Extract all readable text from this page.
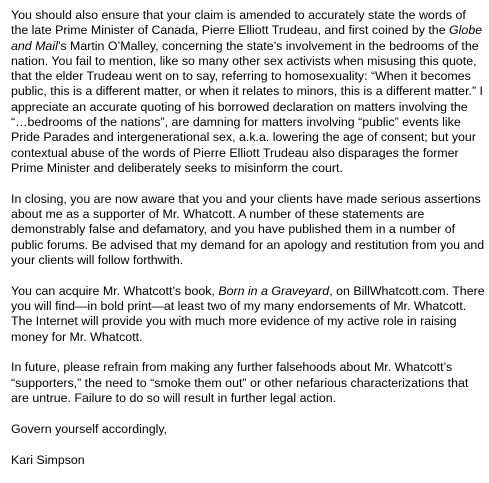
You should also ensure that your claim is amended to accurately state the words of the late Prime Minister of Canada, Pierre Elliott Trudeau, and first coined by the Globe and Mail’s Martin O’Malley, concerning the state’s involvement in the bedrooms of the nation. You fail to mention, like so many other sex activists when misusing this quote, that the elder Trudeau went on to say, referring to homosexuality: “When it becomes public, this is a different matter, or when it relates to minors, this is a different matter.” I appreciate an accurate quoting of his borrowed declaration on matters involving the “…bedrooms of the nations”, are damning for matters involving “public” events like Pride Parades and intergenerational sex, a.k.a. lowering the age of consent; but your contextual abuse of the words of Pierre Elliott Trudeau also disparages the former Prime Minister and deliberately seeks to misinform the court.

In closing, you are now aware that you and your clients have made serious assertions about me as a supporter of Mr. Whatcott. A number of these statements are demonstrably false and defamatory, and you have published them in a number of public forums. Be advised that my demand for an apology and restitution from you and your clients will follow forthwith.

You can acquire Mr. Whatcott’s book, Born in a Graveyard, on BillWhatcott.com. There you will find—in bold print—at least two of my many endorsements of Mr. Whatcott. The Internet will provide you with much more evidence of my active role in raising money for Mr. Whatcott.

In future, please refrain from making any further falsehoods about Mr. Whatcott’s “supporters,” the need to “smoke them out” or other nefarious characterizations that are untrue. Failure to do so will result in further legal action.

Govern yourself accordingly,

Kari Simpson
